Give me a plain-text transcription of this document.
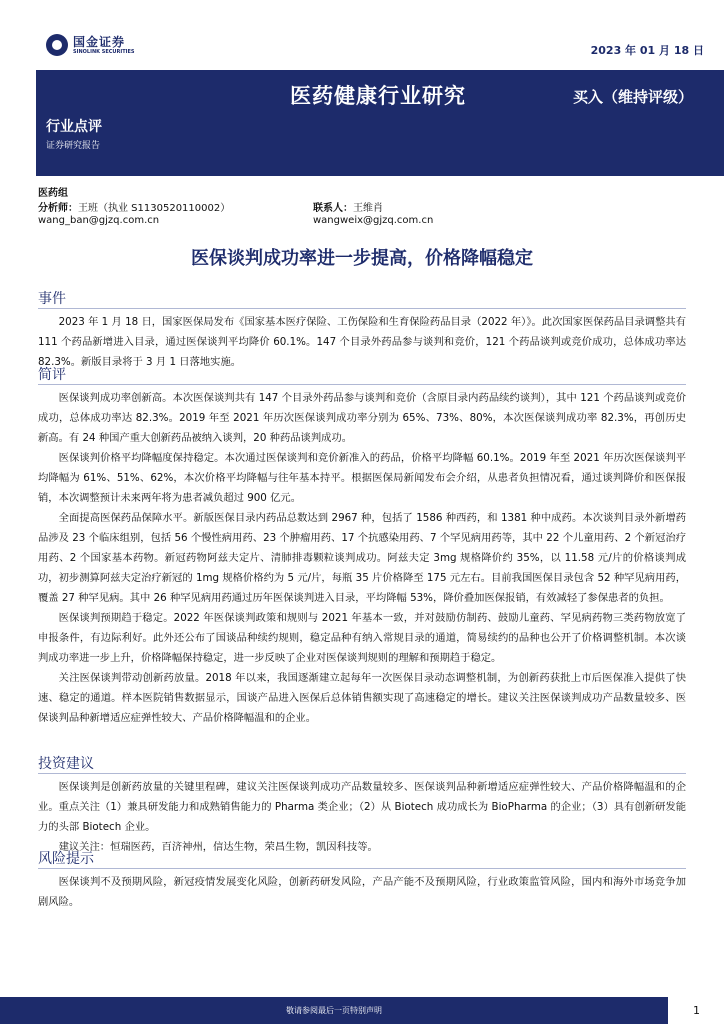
国金证券
SINOLINK SECURITIES	2023 年 01 月 18 日
医药健康行业研究	买入（维持评级）
行业点评
证券研究报告
医药组
分析师：王班（执业 S1130520110002）	联系人：王维肖
wang_ban@gjzq.com.cn	wangweix@gjzq.com.cn
医保谈判成功率进一步提高，价格降幅稳定
事件

2023 年 1 月 18 日，国家医保局发布《国家基本医疗保险、工伤保险和生育保险药品目录（2022 年）》。此次国家医保药品目录调整共有 111 个药品新增进入目录，通过医保谈判平均降价 60.1%。147 个目录外药品参与谈判和竞价，121 个药品谈判或竞价成功，总体成功率达 82.3%。新版目录将于 3 月 1 日落地实施。

简评

医保谈判成功率创新高。本次医保谈判共有 147 个目录外药品参与谈判和竞价（含原目录内药品续约谈判），其中 121 个药品谈判或竞价成功，总体成功率达 82.3%。2019 年至 2021 年历次医保谈判成功率分别为 65%、73%、80%，本次医保谈判成功率 82.3%，再创历史新高。有 24 种国产重大创新药品被纳入谈判，20 种药品谈判成功。

医保谈判价格平均降幅度保持稳定。本次通过医保谈判和竞价新准入的药品，价格平均降幅 60.1%。2019 年至 2021 年历次医保谈判平均降幅为 61%、51%、62%，本次价格平均降幅与往年基本持平。根据医保局新闻发布会介绍，从患者负担情况看，通过谈判降价和医保报销，本次调整预计未来两年将为患者减负超过 900 亿元。

全面提高医保药品保障水平。新版医保目录内药品总数达到 2967 种，包括了 1586 种西药，和 1381 种中成药。本次谈判目录外新增药品涉及 23 个临床组别，包括 56 个慢性病用药、23 个肿瘤用药、17 个抗感染用药、7 个罕见病用药等，其中 22 个儿童用药、2 个新冠治疗用药、2 个国家基本药物。新冠药物阿兹夫定片、清肺排毒颗粒谈判成功。阿兹夫定 3mg 规格降价约 35%，以 11.58 元/片的价格谈判成功，初步测算阿兹夫定治疗新冠的 1mg 规格价格约为 5 元/片，每瓶 35 片价格降至 175 元左右。目前我国医保目录包含 52 种罕见病用药，覆盖 27 种罕见病。其中 26 种罕见病用药通过历年医保谈判进入目录，平均降幅 53%，降价叠加医保报销，有效减轻了参保患者的负担。

医保谈判预期趋于稳定。2022 年医保谈判政策和规则与 2021 年基本一致，并对鼓励仿制药、鼓励儿童药、罕见病药物三类药物放宽了申报条件，有边际利好。此外还公布了国谈品种续约规则，稳定品种有纳入常规目录的通道，简易续约的品种也公开了价格调整机制。本次谈判成功率进一步上升，价格降幅保持稳定，进一步反映了企业对医保谈判规则的理解和预期趋于稳定。

关注医保谈判带动创新药放量。2018 年以来，我国逐渐建立起每年一次医保目录动态调整机制，为创新药获批上市后医保准入提供了快速、稳定的通道。样本医院销售数据显示，国谈产品进入医保后总体销售额实现了高速稳定的增长。建议关注医保谈判成功产品数量较多、医保谈判品种新增适应症弹性较大、产品价格降幅温和的企业。

投资建议

医保谈判是创新药放量的关键里程碑，建议关注医保谈判成功产品数量较多、医保谈判品种新增适应症弹性较大、产品价格降幅温和的企业。重点关注（1）兼具研发能力和成熟销售能力的 Pharma 类企业；（2）从 Biotech 成功成长为 BioPharma 的企业；（3）具有创新研发能力的头部 Biotech 企业。

建议关注：恒瑞医药，百济神州，信达生物，荣昌生物，凯因科技等。

风险提示

医保谈判不及预期风险，新冠疫情发展变化风险，创新药研发风险，产品产能不及预期风险，行业政策监管风险，国内和海外市场竞争加剧风险。

敬请参阅最后一页特别声明	1
